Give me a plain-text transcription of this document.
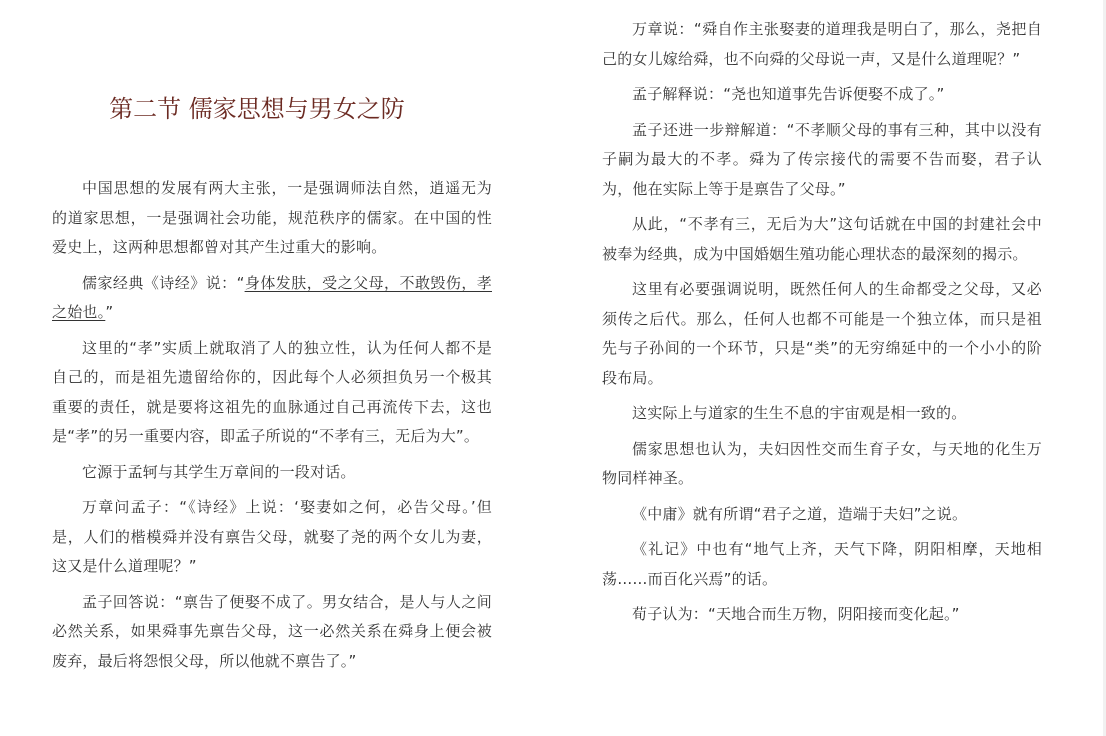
第二节 儒家思想与男女之防

中国思想的发展有两大主张，一是强调师法自然，逍遥无为的道家思想，一是强调社会功能，规范秩序的儒家。在中国的性爱史上，这两种思想都曾对其产生过重大的影响。

儒家经典《诗经》说：“身体发肤，受之父母，不敢毁伤，孝之始也。”

这里的“孝”实质上就取消了人的独立性，认为任何人都不是自己的，而是祖先遗留给你的，因此每个人必须担负另一个极其重要的责任，就是要将这祖先的血脉通过自己再流传下去，这也是“孝”的另一重要内容，即孟子所说的“不孝有三，无后为大”。

它源于孟轲与其学生万章间的一段对话。

万章问孟子：“《诗经》上说：‘娶妻如之何，必告父母。’但是，人们的楷模舜并没有禀告父母，就娶了尧的两个女儿为妻，这又是什么道理呢？”

孟子回答说：“禀告了便娶不成了。男女结合，是人与人之间必然关系，如果舜事先禀告父母，这一必然关系在舜身上便会被废弃，最后将怨恨父母，所以他就不禀告了。”

万章说：“舜自作主张娶妻的道理我是明白了，那么，尧把自己的女儿嫁给舜，也不向舜的父母说一声，又是什么道理呢？”

孟子解释说：“尧也知道事先告诉便娶不成了。”

孟子还进一步辩解道：“不孝顺父母的事有三种，其中以没有子嗣为最大的不孝。舜为了传宗接代的需要不告而娶，君子认为，他在实际上等于是禀告了父母。”

从此，“不孝有三，无后为大”这句话就在中国的封建社会中被奉为经典，成为中国婚姻生殖功能心理状态的最深刻的揭示。

这里有必要强调说明，既然任何人的生命都受之父母，又必须传之后代。那么，任何人也都不可能是一个独立体，而只是祖先与子孙间的一个环节，只是“类”的无穷绵延中的一个小小的阶段布局。

这实际上与道家的生生不息的宇宙观是相一致的。

儒家思想也认为，夫妇因性交而生育子女，与天地的化生万物同样神圣。

《中庸》就有所谓“君子之道，造端于夫妇”之说。

《礼记》中也有“地气上齐，天气下降，阴阳相摩，天地相荡……而百化兴焉”的话。

荀子认为：“天地合而生万物，阴阳接而变化起。”
